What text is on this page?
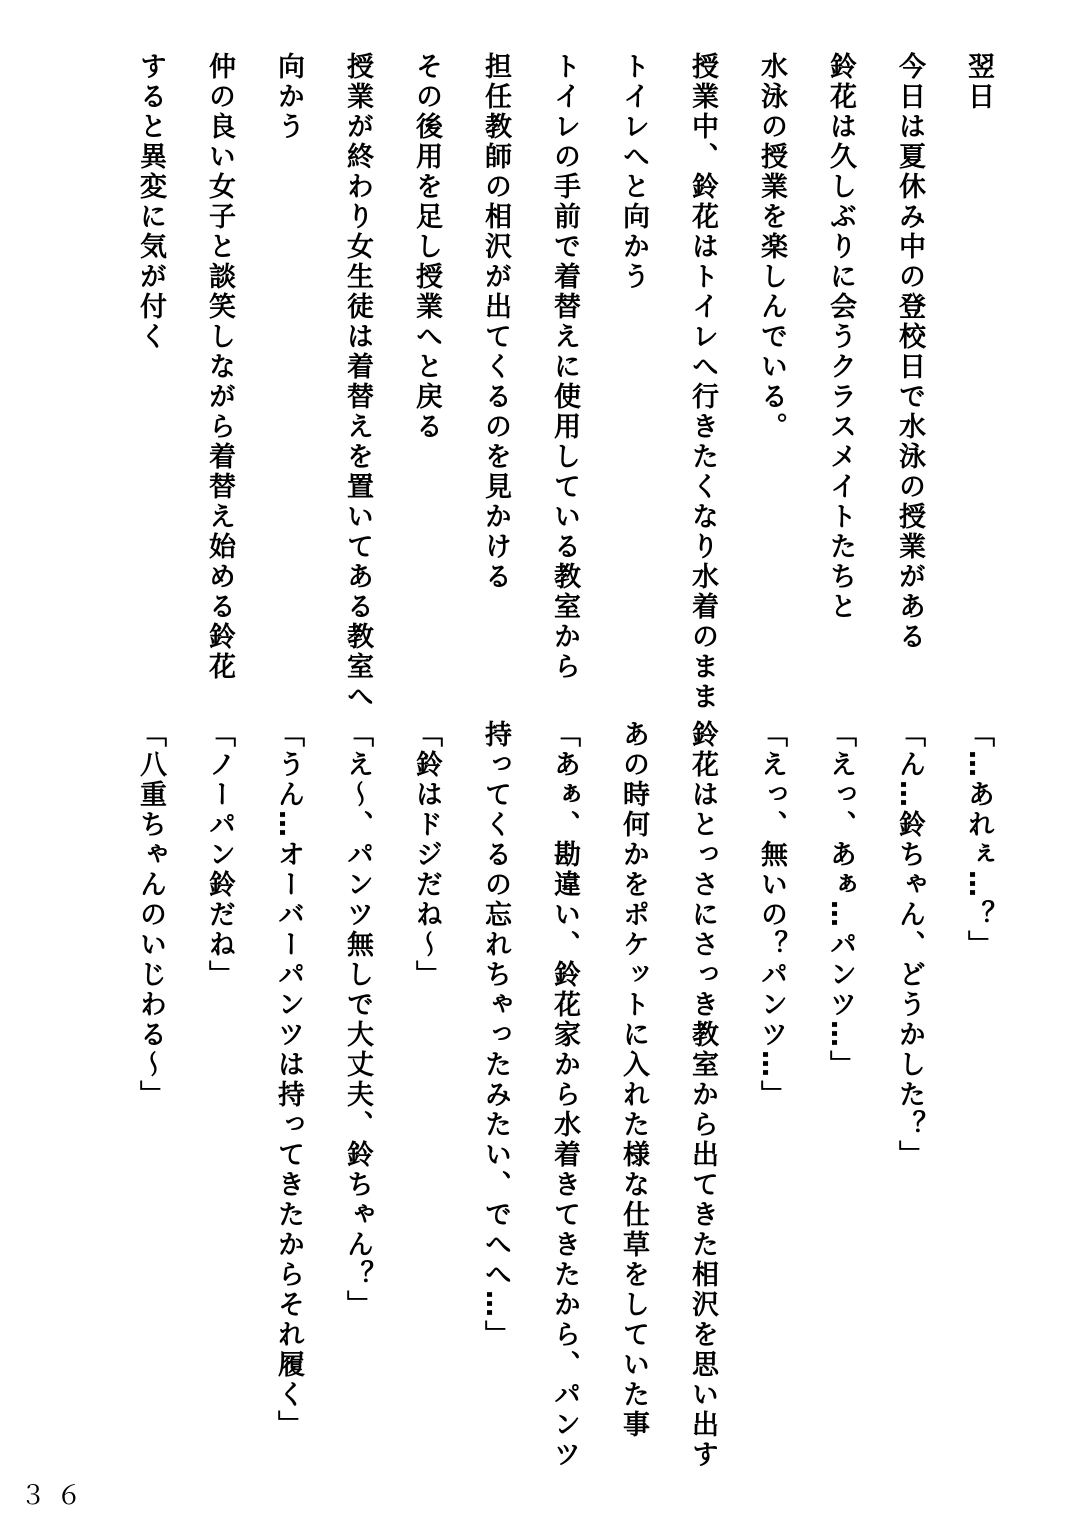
翌日
今日は夏休み中の登校日で水泳の授業がある
鈴花は久しぶりに会うクラスメイトたちと
水泳の授業を楽しんでいる。
授業中、鈴花はトイレへ行きたくなり水着のまま
トイレへと向かう
トイレの手前で着替えに使用している教室から
担任教師の相沢が出てくるのを見かける
その後用を足し授業へと戻る
授業が終わり女生徒は着替えを置いてある教室へ
向かう
仲の良い女子と談笑しながら着替え始める鈴花
すると異変に気が付く
「…あれぇ…？」
「ん…鈴ちゃん、どうかした？」
「えっ、あぁ…パンツ…」
「えっ、無いの？パンツ…」
鈴花はとっさにさっき教室から出てきた相沢を思い出す
あの時何かをポケットに入れた様な仕草をしていた事
「あぁ、勘違い、鈴花家から水着きてきたから、パンツ
持ってくるの忘れちゃったみたい、でへへ…」
「鈴はドジだね～」
「え～、パンツ無しで大丈夫、鈴ちゃん？」
「うん…オーバーパンツは持ってきたからそれ履く」
「ノーパン鈴だね」
「八重ちゃんのいじわる～」
３６
